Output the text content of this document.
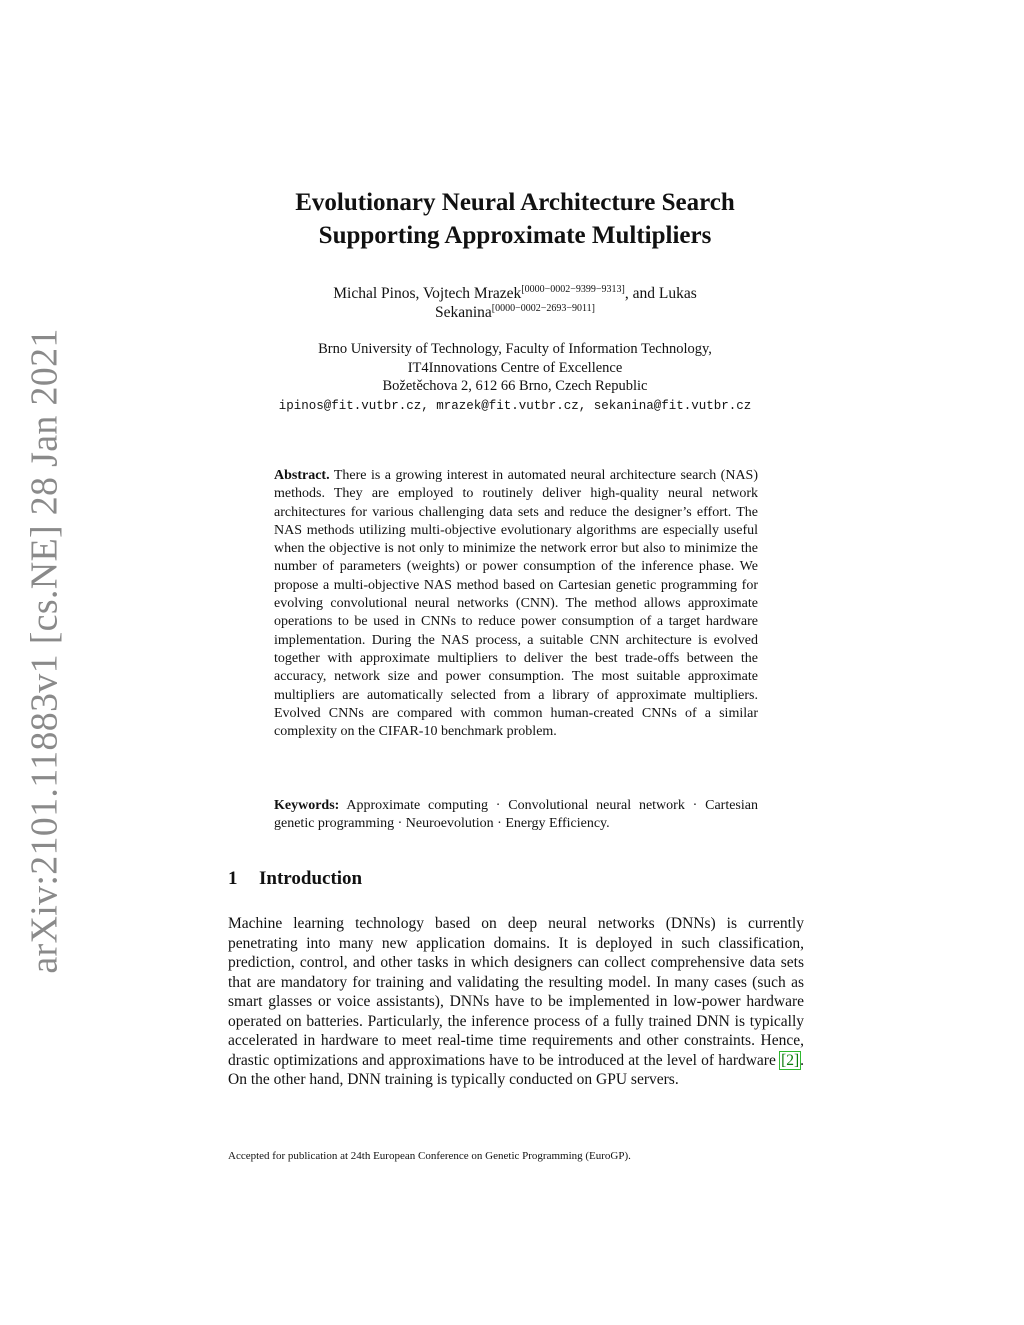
arXiv:2101.11883v1 [cs.NE] 28 Jan 2021
Evolutionary Neural Architecture Search
Supporting Approximate Multipliers
Michal Pinos, Vojtech Mrazek[0000−0002−9399−9313], and Lukas
Sekanina[0000−0002−2693−9011]
Brno University of Technology, Faculty of Information Technology,
IT4Innovations Centre of Excellence
Božetěchova 2, 612 66 Brno, Czech Republic
ipinos@fit.vutbr.cz, mrazek@fit.vutbr.cz, sekanina@fit.vutbr.cz
Abstract. There is a growing interest in automated neural architecture search (NAS) methods. They are employed to routinely deliver high-quality neural network architectures for various challenging data sets and reduce the designer’s effort. The NAS methods utilizing multi-objective evolutionary algorithms are especially useful when the objective is not only to minimize the network error but also to minimize the number of parameters (weights) or power consumption of the inference phase. We propose a multi-objective NAS method based on Cartesian genetic programming for evolving convolutional neural networks (CNN). The method allows approximate operations to be used in CNNs to reduce power consumption of a target hardware implementation. During the NAS process, a suitable CNN architecture is evolved together with approximate multipliers to deliver the best trade-offs between the accuracy, network size and power consumption. The most suitable approximate multipliers are automatically selected from a library of approximate multipliers. Evolved CNNs are compared with common human-created CNNs of a similar complexity on the CIFAR-10 benchmark problem.
Keywords: Approximate computing · Convolutional neural network · Cartesian genetic programming · Neuroevolution · Energy Efficiency.
1 Introduction
Machine learning technology based on deep neural networks (DNNs) is currently penetrating into many new application domains. It is deployed in such classification, prediction, control, and other tasks in which designers can collect comprehensive data sets that are mandatory for training and validating the resulting model. In many cases (such as smart glasses or voice assistants), DNNs have to be implemented in low-power hardware operated on batteries. Particularly, the inference process of a fully trained DNN is typically accelerated in hardware to meet real-time time requirements and other constraints. Hence, drastic optimizations and approximations have to be introduced at the level of hardware [2]. On the other hand, DNN training is typically conducted on GPU servers.
Accepted for publication at 24th European Conference on Genetic Programming (EuroGP).
